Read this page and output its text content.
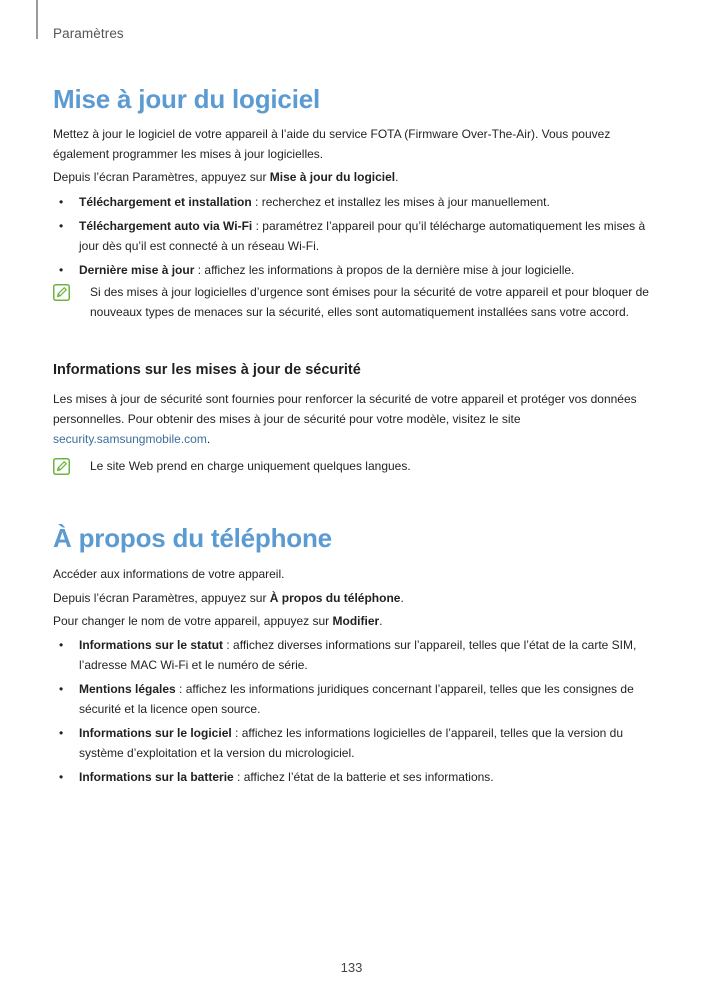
Paramètres
Mise à jour du logiciel

Mettez à jour le logiciel de votre appareil à l’aide du service FOTA (Firmware Over-The-Air). Vous pouvez également programmer les mises à jour logicielles.

Depuis l’écran Paramètres, appuyez sur Mise à jour du logiciel.

• Téléchargement et installation : recherchez et installez les mises à jour manuellement.
• Téléchargement auto via Wi-Fi : paramétrez l’appareil pour qu’il télécharge automatiquement les mises à jour dès qu’il est connecté à un réseau Wi-Fi.
• Dernière mise à jour : affichez les informations à propos de la dernière mise à jour logicielle.

Si des mises à jour logicielles d’urgence sont émises pour la sécurité de votre appareil et pour bloquer de nouveaux types de menaces sur la sécurité, elles sont automatiquement installées sans votre accord.

Informations sur les mises à jour de sécurité

Les mises à jour de sécurité sont fournies pour renforcer la sécurité de votre appareil et protéger vos données personnelles. Pour obtenir des mises à jour de sécurité pour votre modèle, visitez le site security.samsungmobile.com.

Le site Web prend en charge uniquement quelques langues.

À propos du téléphone

Accéder aux informations de votre appareil.

Depuis l’écran Paramètres, appuyez sur À propos du téléphone.

Pour changer le nom de votre appareil, appuyez sur Modifier.

• Informations sur le statut : affichez diverses informations sur l’appareil, telles que l’état de la carte SIM, l’adresse MAC Wi-Fi et le numéro de série.
• Mentions légales : affichez les informations juridiques concernant l’appareil, telles que les consignes de sécurité et la licence open source.
• Informations sur le logiciel : affichez les informations logicielles de l’appareil, telles que la version du système d’exploitation et la version du micrologiciel.
• Informations sur la batterie : affichez l’état de la batterie et ses informations.
133
